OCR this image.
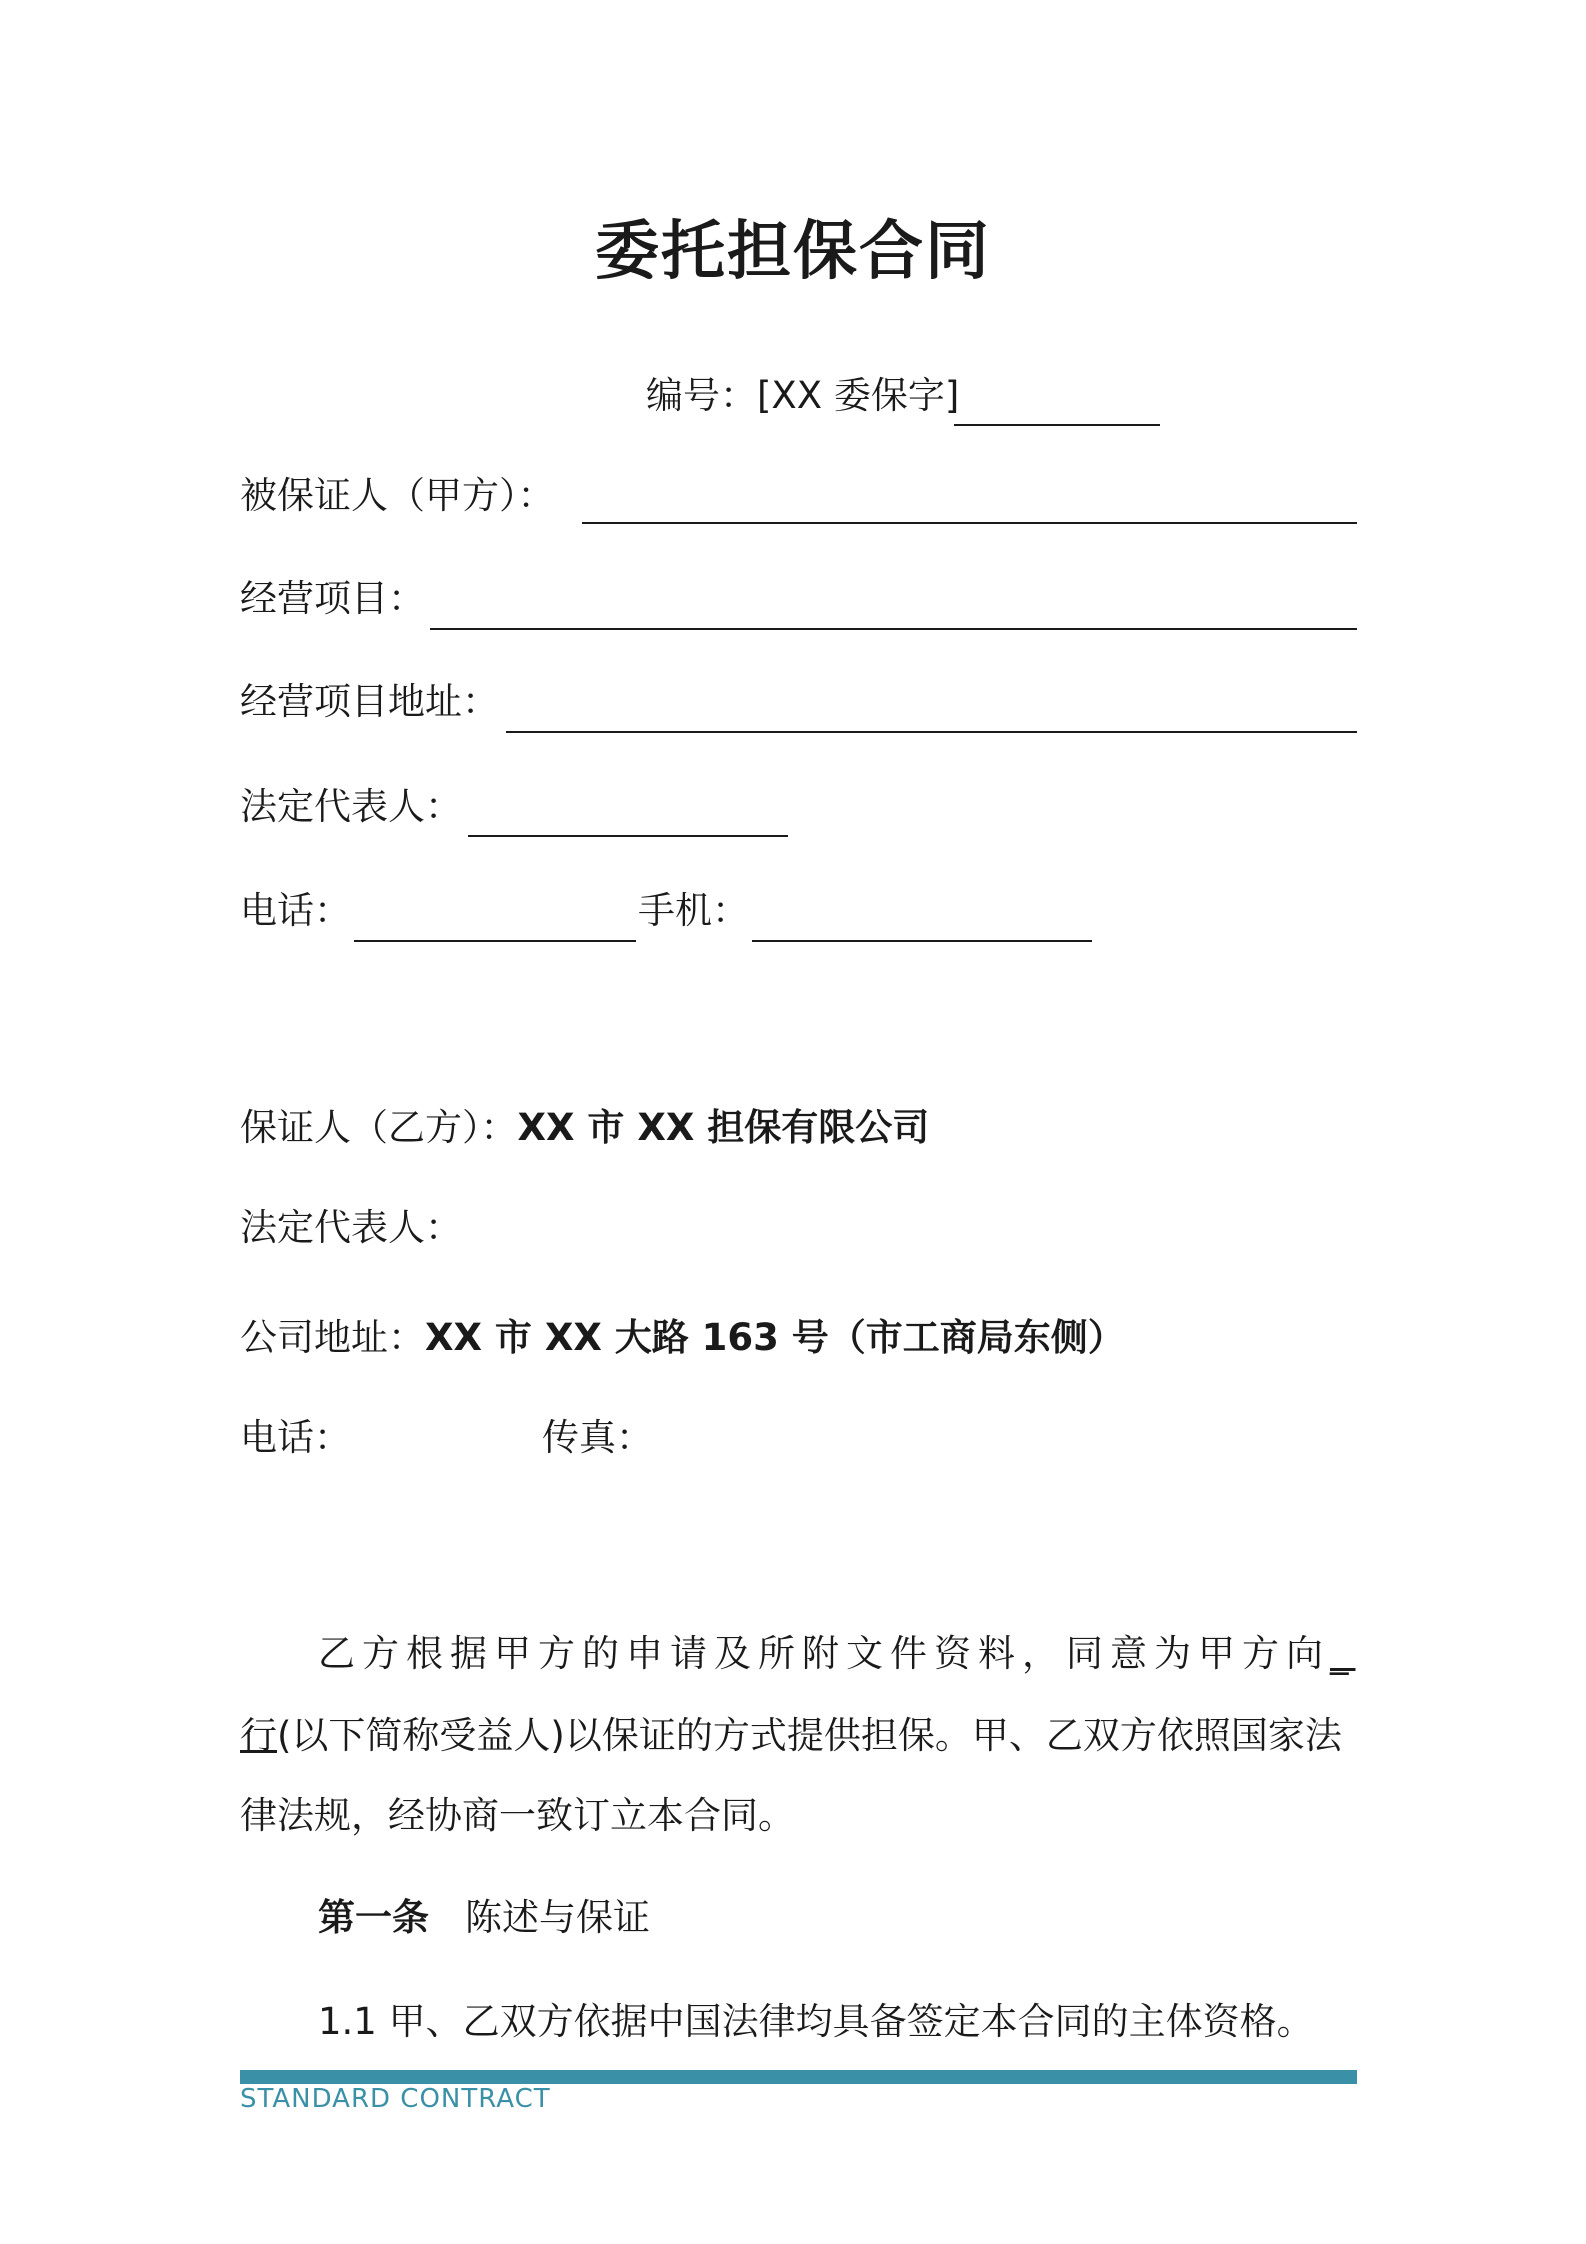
委托担保合同
编号：[XX 委保字]
被保证人（甲方）：
经营项目：
经营项目地址：
法定代表人：
电话：	手机：
保证人（乙方）：XX 市 XX 担保有限公司
法定代表人：
公司地址：XX 市 XX 大路 163 号（市工商局东侧）
电话：	传真：
乙方根据甲方的申请及所附文件资料，同意为甲方向_
行(以下简称受益人)以保证的方式提供担保。甲、乙双方依照国家法
律法规，经协商一致订立本合同。
第一条 陈述与保证
1.1 甲、乙双方依据中国法律均具备签定本合同的主体资格。
STANDARD CONTRACT
